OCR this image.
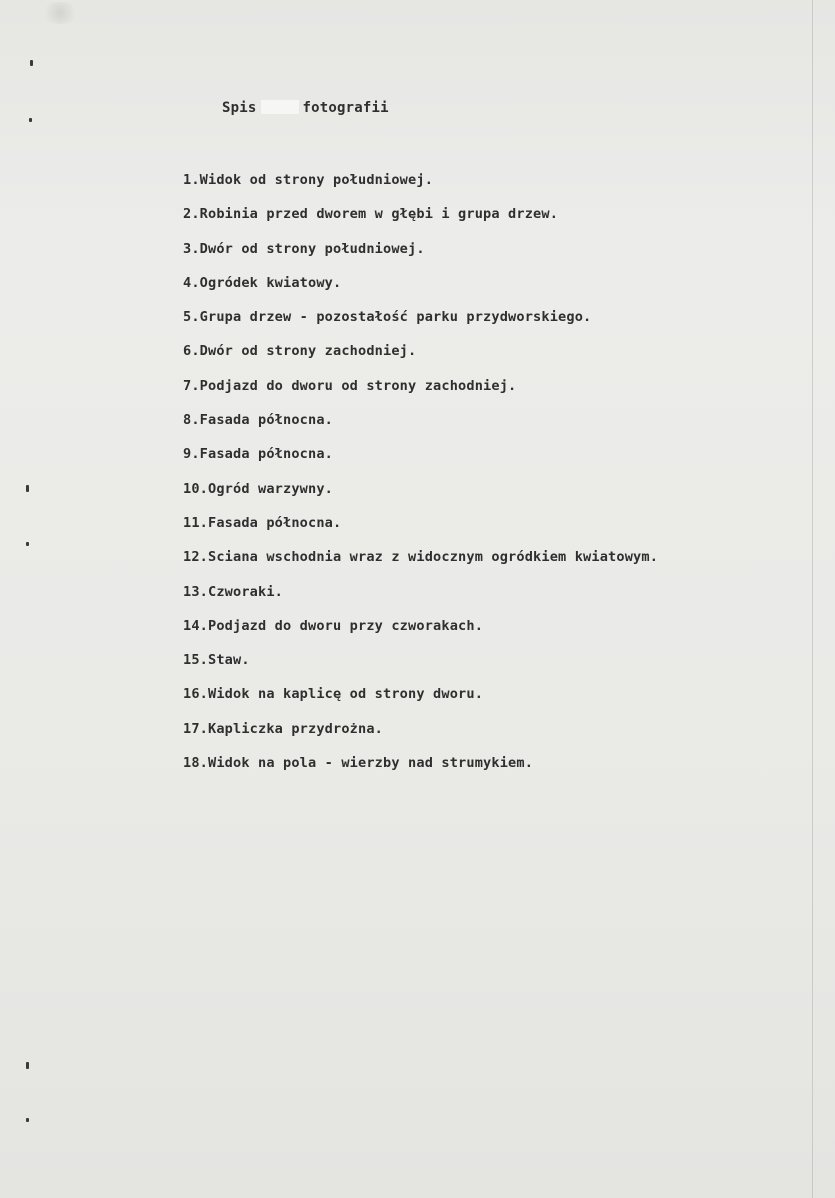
Spis	fotografii
1.Widok od strony południowej.
2.Robinia przed dworem w głębi i grupa drzew.
3.Dwór od strony południowej.
4.Ogródek kwiatowy.
5.Grupa drzew - pozostałość parku przydworskiego.
6.Dwór od strony zachodniej.
7.Podjazd do dworu od strony zachodniej.
8.Fasada północna.
9.Fasada północna.
10.Ogród warzywny.
11.Fasada północna.
12.Sciana wschodnia wraz z widocznym ogródkiem kwiatowym.
13.Czworaki.
14.Podjazd do dworu przy czworakach.
15.Staw.
16.Widok na kaplicę od strony dworu.
17.Kapliczka przydrożna.
18.Widok na pola - wierzby nad strumykiem.
